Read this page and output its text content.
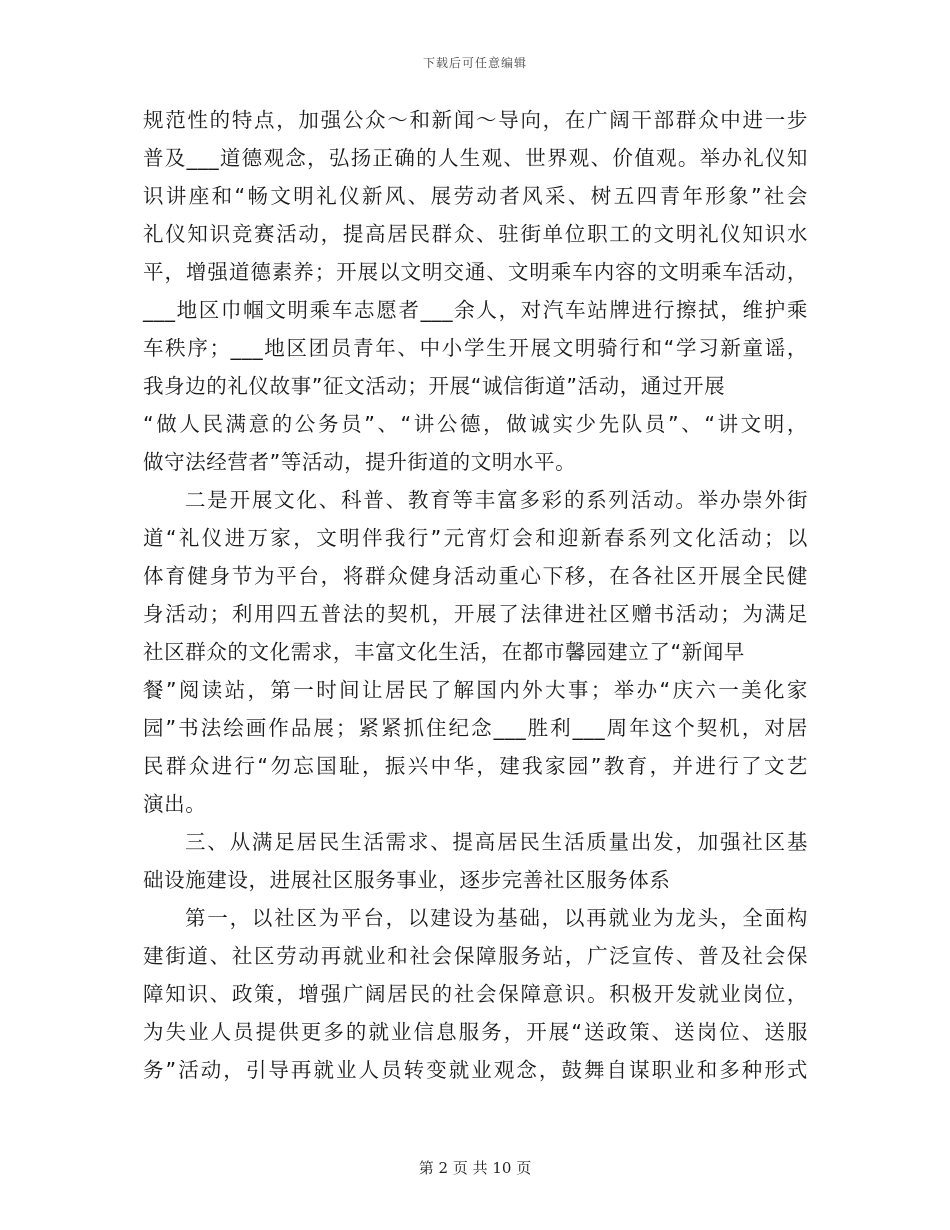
下载后可任意编辑
规范性的特点，加强公众～和新闻～导向，在广阔干部群众中进一步
普及___道德观念，弘扬正确的人生观、世界观、价值观。举办礼仪知
识讲座和“畅文明礼仪新风、展劳动者风采、树五四青年形象”社会
礼仪知识竞赛活动，提高居民群众、驻街单位职工的文明礼仪知识水
平，增强道德素养；开展以文明交通、文明乘车内容的文明乘车活动，
___地区巾帼文明乘车志愿者___余人，对汽车站牌进行擦拭，维护乘
车秩序；___地区团员青年、中小学生开展文明骑行和“学习新童谣，
我身边的礼仪故事”征文活动；开展“诚信街道”活动，通过开展
“做人民满意的公务员”、“讲公德，做诚实少先队员”、“讲文明，
做守法经营者”等活动，提升街道的文明水平。
二是开展文化、科普、教育等丰富多彩的系列活动。举办崇外街
道“礼仪进万家，文明伴我行”元宵灯会和迎新春系列文化活动；以
体育健身节为平台，将群众健身活动重心下移，在各社区开展全民健
身活动；利用四五普法的契机，开展了法律进社区赠书活动；为满足
社区群众的文化需求，丰富文化生活，在都市馨园建立了“新闻早
餐”阅读站，第一时间让居民了解国内外大事；举办“庆六一美化家
园”书法绘画作品展；紧紧抓住纪念___胜利___周年这个契机，对居
民群众进行“勿忘国耻，振兴中华，建我家园”教育，并进行了文艺
演出。
三、从满足居民生活需求、提高居民生活质量出发，加强社区基
础设施建设，进展社区服务事业，逐步完善社区服务体系
第一，以社区为平台，以建设为基础，以再就业为龙头，全面构
建街道、社区劳动再就业和社会保障服务站，广泛宣传、普及社会保
障知识、政策，增强广阔居民的社会保障意识。积极开发就业岗位，
为失业人员提供更多的就业信息服务，开展“送政策、送岗位、送服
务”活动，引导再就业人员转变就业观念，鼓舞自谋职业和多种形式
第 2 页 共 10 页
